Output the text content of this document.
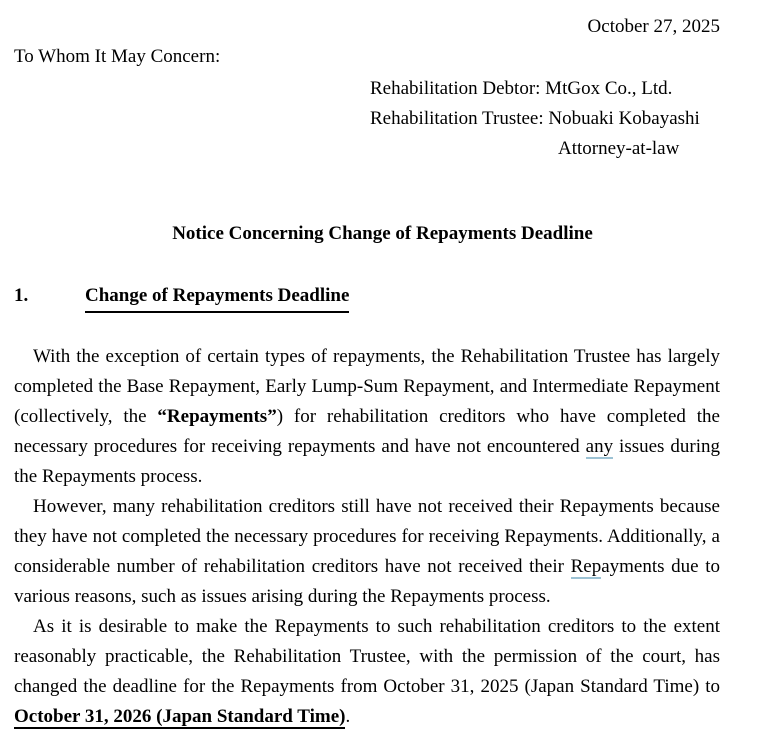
October 27, 2025
To Whom It May Concern:
Rehabilitation Debtor: MtGox Co., Ltd.
Rehabilitation Trustee: Nobuaki Kobayashi
Attorney-at-law
Notice Concerning Change of Repayments Deadline
1.	Change of Repayments Deadline

With the exception of certain types of repayments, the Rehabilitation Trustee has largely completed the Base Repayment, Early Lump-Sum Repayment, and Intermediate Repayment (collectively, the “Repayments”) for rehabilitation creditors who have completed the necessary procedures for receiving repayments and have not encountered any issues during the Repayments process.

However, many rehabilitation creditors still have not received their Repayments because they have not completed the necessary procedures for receiving Repayments. Additionally, a considerable number of rehabilitation creditors have not received their Repayments due to various reasons, such as issues arising during the Repayments process.

As it is desirable to make the Repayments to such rehabilitation creditors to the extent reasonably practicable, the Rehabilitation Trustee, with the permission of the court, has changed the deadline for the Repayments from October 31, 2025 (Japan Standard Time) to October 31, 2026 (Japan Standard Time).
